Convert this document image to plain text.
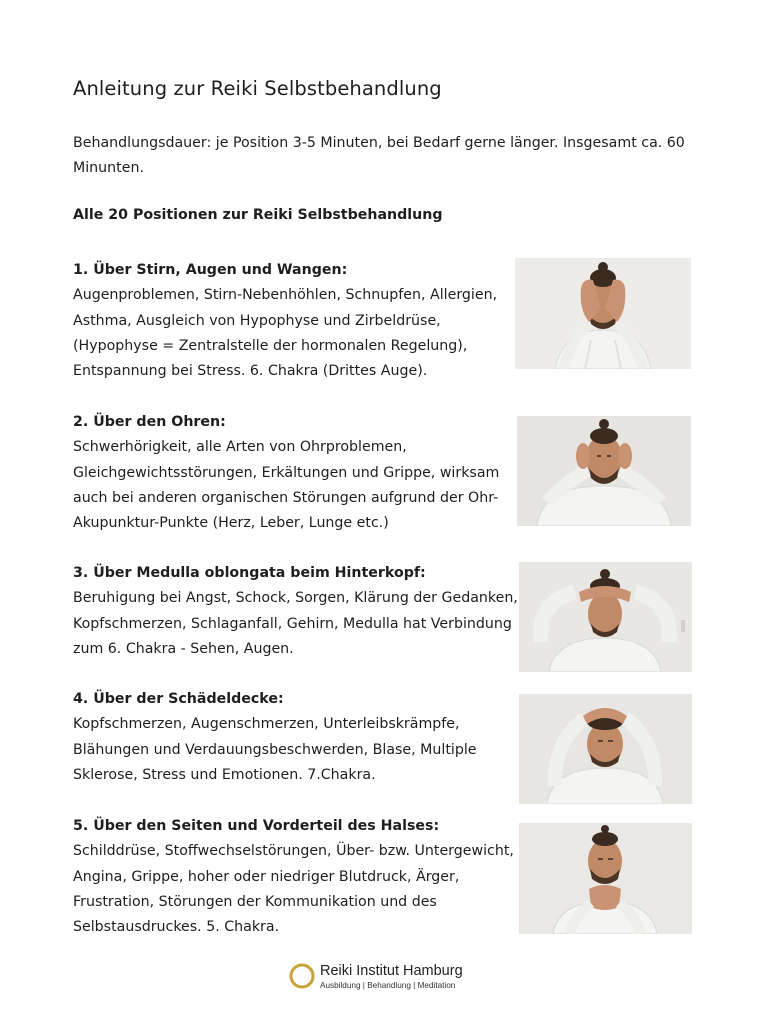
Anleitung zur Reiki Selbstbehandlung

Behandlungsdauer: je Position 3-5 Minuten, bei Bedarf gerne länger. Insgesamt ca. 60 Minunten.

Alle 20 Positionen zur Reiki Selbstbehandlung

1. Über Stirn, Augen und Wangen:
Augenproblemen, Stirn-Nebenhöhlen, Schnupfen, Allergien, Asthma, Ausgleich von Hypophyse und Zirbeldrüse, (Hypophyse = Zentralstelle der hormonalen Regelung), Entspannung bei Stress. 6. Chakra (Drittes Auge).
2. Über den Ohren:
Schwerhörigkeit, alle Arten von Ohrproblemen, Gleichgewichtsstörungen, Erkältungen und Grippe, wirksam auch bei anderen organischen Störungen aufgrund der Ohr-Akupunktur-Punkte (Herz, Leber, Lunge etc.)
3. Über Medulla oblongata beim Hinterkopf:
Beruhigung bei Angst, Schock, Sorgen, Klärung der Gedanken, Kopfschmerzen, Schlaganfall, Gehirn, Medulla hat Verbindung zum 6. Chakra - Sehen, Augen.
4. Über der Schädeldecke:
Kopfschmerzen, Augenschmerzen, Unterleibskrämpfe, Blähungen und Verdauungsbeschwerden, Blase, Multiple Sklerose, Stress und Emotionen. 7.Chakra.
5. Über den Seiten und Vorderteil des Halses:
Schilddrüse, Stoffwechselstörungen, Über- bzw. Untergewicht, Angina, Grippe, hoher oder niedriger Blutdruck, Ärger, Frustration, Störungen der Kommunikation und des Selbstausdruckes. 5. Chakra.
Reiki Institut Hamburg
Ausbildung | Behandlung | Meditation
